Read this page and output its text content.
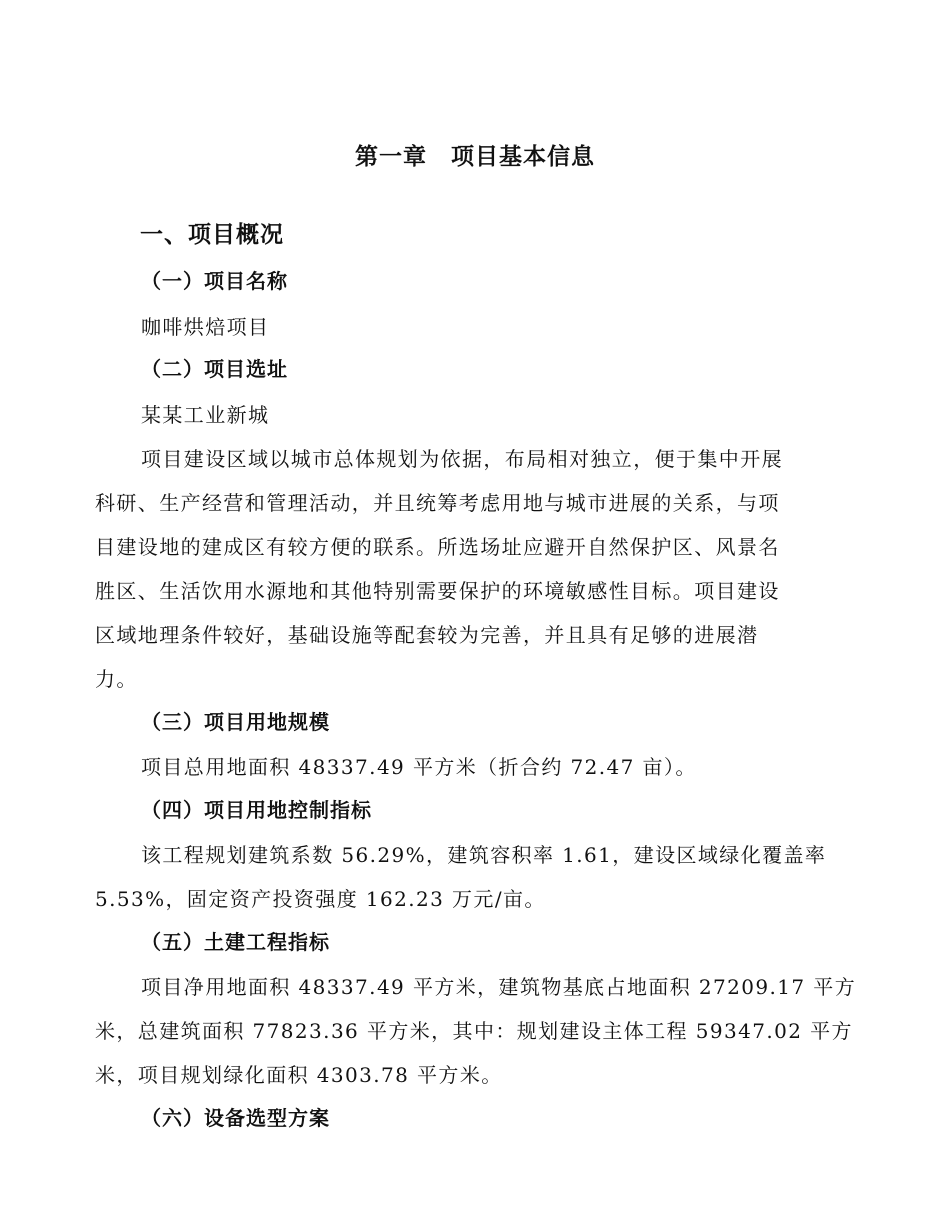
第一章　项目基本信息
一、项目概况
（一）项目名称
咖啡烘焙项目
（二）项目选址
某某工业新城
项目建设区域以城市总体规划为依据，布局相对独立，便于集中开展
科研、生产经营和管理活动，并且统筹考虑用地与城市进展的关系，与项
目建设地的建成区有较方便的联系。所选场址应避开自然保护区、风景名
胜区、生活饮用水源地和其他特别需要保护的环境敏感性目标。项目建设
区域地理条件较好，基础设施等配套较为完善，并且具有足够的进展潜
力。
（三）项目用地规模
项目总用地面积 48337.49 平方米（折合约 72.47 亩）。
（四）项目用地控制指标
该工程规划建筑系数 56.29%，建筑容积率 1.61，建设区域绿化覆盖率
5.53%，固定资产投资强度 162.23 万元/亩。
（五）土建工程指标
项目净用地面积 48337.49 平方米，建筑物基底占地面积 27209.17 平方
米，总建筑面积 77823.36 平方米，其中：规划建设主体工程 59347.02 平方
米，项目规划绿化面积 4303.78 平方米。
（六）设备选型方案
